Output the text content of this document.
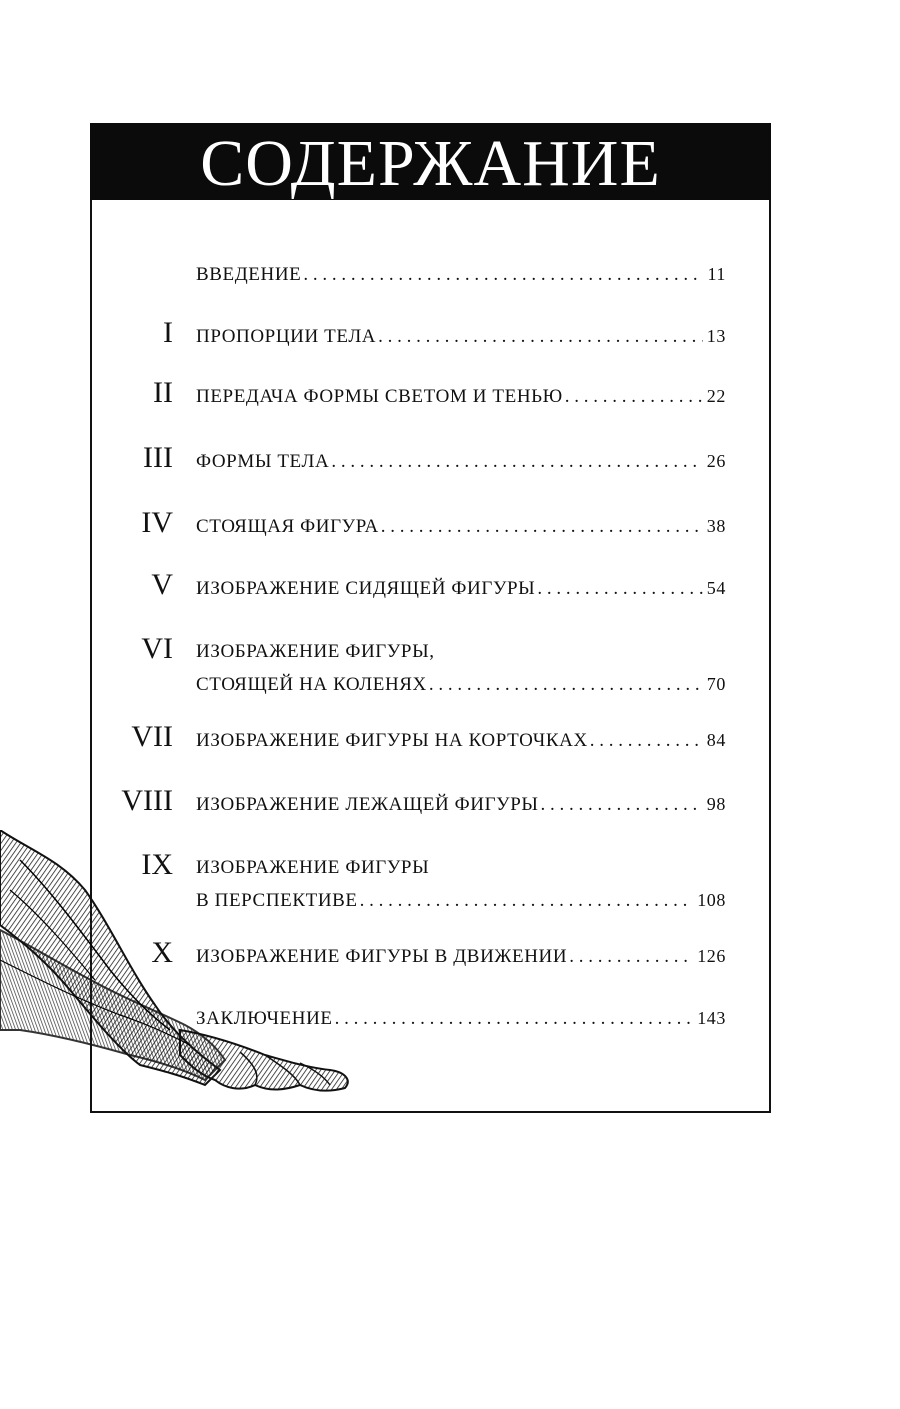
СОДЕРЖАНИЕ
ВВЕДЕНИЕ . . .	11
I ПРОПОРЦИИ ТЕЛА . . .	13
II ПЕРЕДАЧА ФОРМЫ СВЕТОМ И ТЕНЬЮ . . .	22
III ФОРМЫ ТЕЛА . . .	26
IV СТОЯЩАЯ ФИГУРА . . .	38
V ИЗОБРАЖЕНИЕ СИДЯЩЕЙ ФИГУРЫ . . .	54
VI ИЗОБРАЖЕНИЕ ФИГУРЫ,
СТОЯЩЕЙ НА КОЛЕНЯХ . . .	70
VII ИЗОБРАЖЕНИЕ ФИГУРЫ НА КОРТОЧКАХ . . .	84
VIII ИЗОБРАЖЕНИЕ ЛЕЖАЩЕЙ ФИГУРЫ . . .	98
IX ИЗОБРАЖЕНИЕ ФИГУРЫ
В ПЕРСПЕКТИВЕ . . .	108
X ИЗОБРАЖЕНИЕ ФИГУРЫ В ДВИЖЕНИИ . . .	126
ЗАКЛЮЧЕНИЕ . . .	143
